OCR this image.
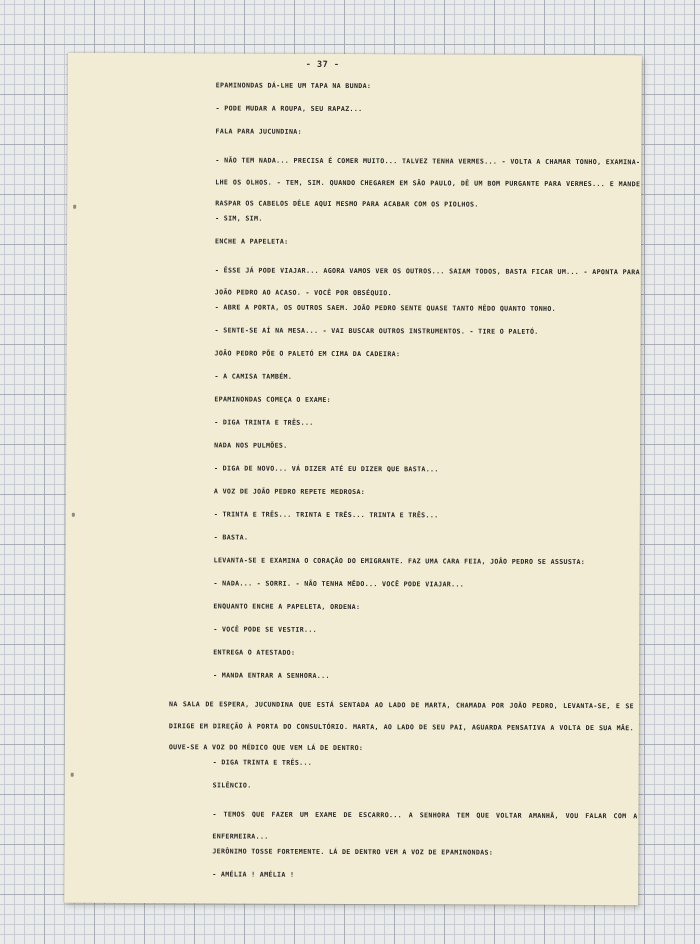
- 37 -
EPAMINONDAS DÁ-LHE UM TAPA NA BUNDA:
- PODE MUDAR A ROUPA, SEU RAPAZ...
FALA PARA JUCUNDINA:
- NÃO TEM NADA... PRECISA É COMER MUITO... TALVEZ TENHA VERMES... - VOLTA A CHAMAR TONHO, EXAMINA-LHE OS OLHOS. - TEM, SIM. QUANDO CHEGAREM EM SÃO PAULO, DÊ UM BOM PURGANTE PARA VERMES... E MANDE RASPAR OS CABELOS DÊLE AQUI MESMO PARA ACABAR COM OS PIOLHOS.
- SIM, SIM.
ENCHE A PAPELETA:
- ÊSSE JÁ PODE VIAJAR... AGORA VAMOS VER OS OUTROS... SAIAM TODOS, BASTA FICAR UM... - APONTA PARA JOÃO PEDRO AO ACASO. - VOCÊ POR OBSÉQUIO.
- ABRE A PORTA, OS OUTROS SAEM. JOÃO PEDRO SENTE QUASE TANTO MÊDO QUANTO TONHO.
- SENTE-SE AÍ NA MESA... - VAI BUSCAR OUTROS INSTRUMENTOS. - TIRE O PALETÓ.
JOÃO PEDRO PÕE O PALETÓ EM CIMA DA CADEIRA:
- A CAMISA TAMBÉM.
EPAMINONDAS COMEÇA O EXAME:
- DIGA TRINTA E TRÊS...
NADA NOS PULMÕES.
- DIGA DE NOVO... VÁ DIZER ATÉ EU DIZER QUE BASTA...
A VOZ DE JOÃO PEDRO REPETE MEDROSA:
- TRINTA E TRÊS... TRINTA E TRÊS... TRINTA E TRÊS...
- BASTA.
LEVANTA-SE E EXAMINA O CORAÇÃO DO EMIGRANTE. FAZ UMA CARA FEIA, JOÃO PEDRO SE ASSUSTA:
- NADA... - SORRI. - NÃO TENHA MÊDO... VOCÊ PODE VIAJAR...
ENQUANTO ENCHE A PAPELETA, ORDENA:
- VOCÊ PODE SE VESTIR...
ENTREGA O ATESTADO:
- MANDA ENTRAR A SENHORA...
NA SALA DE ESPERA, JUCUNDINA QUE ESTÁ SENTADA AO LADO DE MARTA, CHAMADA POR JOÃO PEDRO, LEVANTA-SE, E SE DIRIGE EM DIREÇÃO À PORTA DO CONSULTÓRIO. MARTA, AO LADO DE SEU PAI, AGUARDA PENSATIVA A VOLTA DE SUA MÃE. OUVE-SE A VOZ DO MÉDICO QUE VEM LÁ DE DENTRO:
- DIGA TRINTA E TRÊS...
SILÊNCIO.
- TEMOS QUE FAZER UM EXAME DE ESCARRO... A SENHORA TEM QUE VOLTAR AMANHÃ, VOU FALAR COM A ENFERMEIRA...
JERÔNIMO TOSSE FORTEMENTE. LÁ DE DENTRO VEM A VOZ DE EPAMINONDAS:
- AMÉLIA ! AMÉLIA !
